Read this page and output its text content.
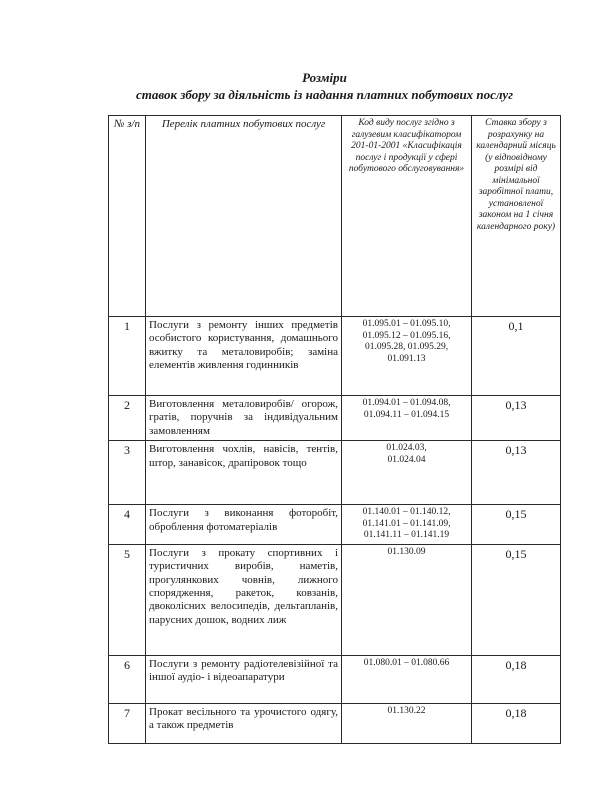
Розміри
ставок збору за діяльність із надання платних побутових послуг
№ з/п	Перелік платних побутових послуг	Код виду послуг згідно з галузевим класифікатором 201-01-2001 «Класифікація послуг і продукції у сфері побутового обслуговування»	Ставка збору з розрахунку на календарний місяць (у відповідному розмірі від мінімальної заробітної плати, установленої законом на 1 січня календарного року)
1	Послуги з ремонту інших предметів особистого користування, домашнього вжитку та металовиробів; заміна елементів живлення годинників	01.095.01 – 01.095.10,
01.095.12 – 01.095.16,
01.095.28, 01.095.29,
01.091.13	0,1
2	Виготовлення металовиробів/ огорож, гратів, поручнів за індивідуальним замовленням	01.094.01 – 01.094.08,
01.094.11 – 01.094.15	0,13
3	Виготовлення чохлів, навісів, тентів, штор, занавісок, драпіровок тощо	01.024.03,
01.024.04	0,13
4	Послуги з виконання фоторобіт, оброблення фотоматеріалів	01.140.01 – 01.140.12,
01.141.01 – 01.141.09,
01.141.11 – 01.141.19	0,15
5	Послуги з прокату спортивних і туристичних виробів, наметів, прогулянкових човнів, лижного спорядження, ракеток, ковзанів, двоколісних велосипедів, дельтапланів, парусних дошок, водних лиж	01.130.09	0,15
6	Послуги з ремонту радіотелевізійної та іншої аудіо- і відеоапаратури	01.080.01 – 01.080.66	0,18
7	Прокат весільного та урочистого одягу, а також предметів	01.130.22	0,18
